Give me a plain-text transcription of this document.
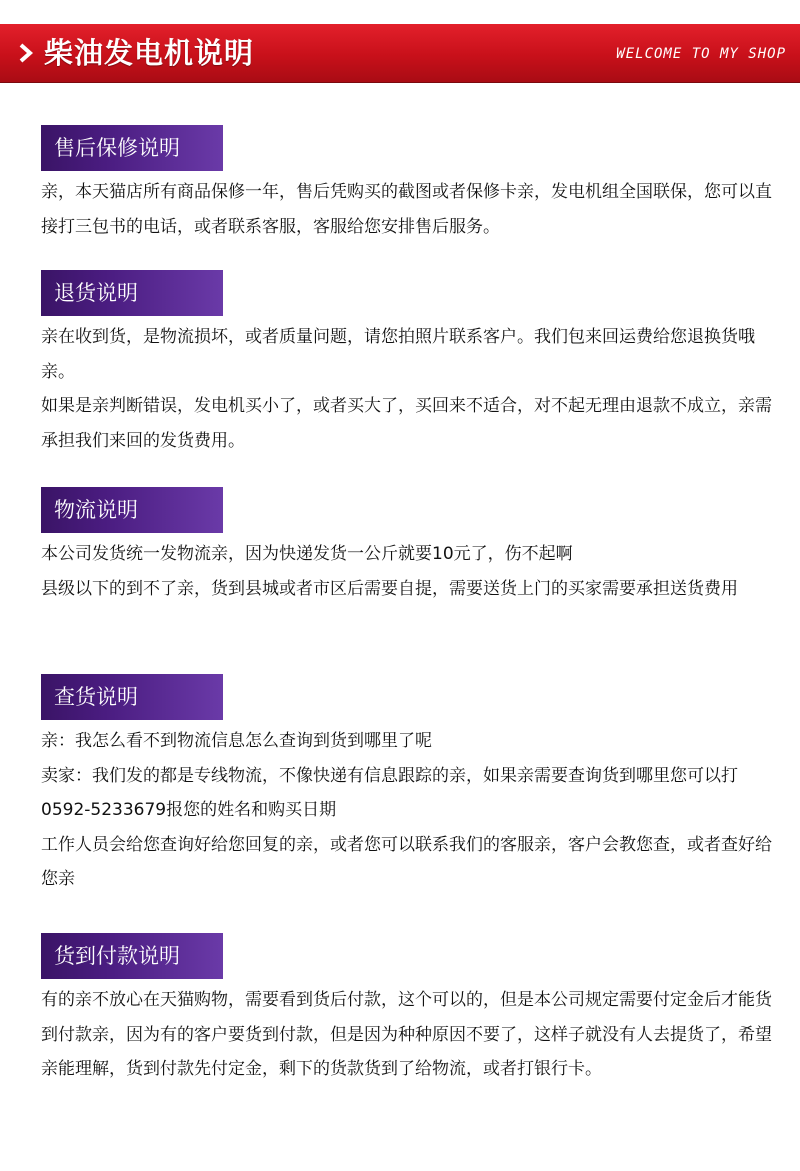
柴油发电机说明	WELCOME TO MY SHOP
售后保修说明

亲，本天猫店所有商品保修一年，售后凭购买的截图或者保修卡亲，发电机组全国联保，您可以直接打三包书的电话，或者联系客服，客服给您安排售后服务。

退货说明

亲在收到货，是物流损坏，或者质量问题，请您拍照片联系客户。我们包来回运费给您退换货哦亲。

如果是亲判断错误，发电机买小了，或者买大了，买回来不适合，对不起无理由退款不成立，亲需承担我们来回的发货费用。

物流说明

本公司发货统一发物流亲，因为快递发货一公斤就要10元了，伤不起啊

县级以下的到不了亲，货到县城或者市区后需要自提，需要送货上门的买家需要承担送货费用

查货说明

亲：我怎么看不到物流信息怎么查询到货到哪里了呢

卖家：我们发的都是专线物流，不像快递有信息跟踪的亲，如果亲需要查询货到哪里您可以打0592-5233679报您的姓名和购买日期

工作人员会给您查询好给您回复的亲，或者您可以联系我们的客服亲，客户会教您查，或者查好给您亲

货到付款说明

有的亲不放心在天猫购物，需要看到货后付款，这个可以的，但是本公司规定需要付定金后才能货到付款亲，因为有的客户要货到付款，但是因为种种原因不要了，这样子就没有人去提货了，希望亲能理解，货到付款先付定金，剩下的货款货到了给物流，或者打银行卡。
